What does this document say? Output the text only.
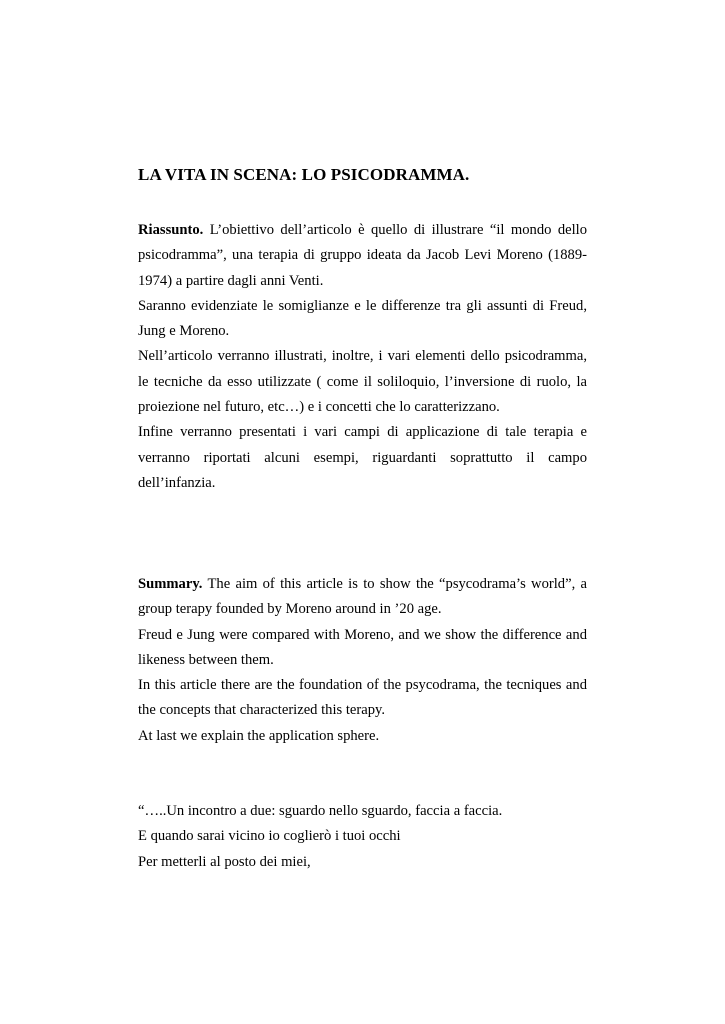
LA VITA IN SCENA: LO PSICODRAMMA.

Riassunto. L’obiettivo dell’articolo è quello di illustrare “il mondo dello

psicodramma”, una terapia di gruppo ideata da Jacob Levi Moreno (1889-

1974) a partire dagli anni Venti.

Saranno evidenziate le somiglianze e le differenze tra gli assunti di Freud,

Jung e Moreno.

Nell’articolo verranno illustrati, inoltre, i vari elementi dello psicodramma,

le tecniche da esso utilizzate ( come il soliloquio, l’inversione di ruolo, la

proiezione nel futuro, etc…) e i concetti che lo caratterizzano.

Infine verranno presentati i vari campi di applicazione di tale terapia e

verranno riportati alcuni esempi, riguardanti soprattutto il campo

dell’infanzia.

Summary. The aim of this article is to show the “psycodrama’s world”, a

group terapy founded by Moreno around in ’20 age.

Freud e Jung were compared with Moreno, and we show the difference and

likeness between them.

In this article there are the foundation of the psycodrama, the tecniques and

the concepts that characterized this terapy.

At last we explain the application sphere.

“…..Un incontro a due: sguardo nello sguardo, faccia a faccia.

E quando sarai vicino io coglierò i tuoi occhi

Per metterli al posto dei miei,
